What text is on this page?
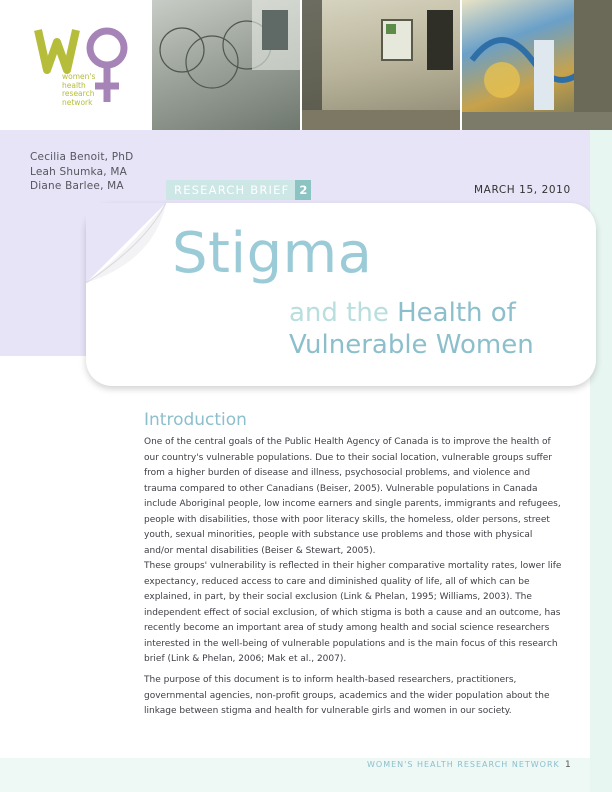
women's
health
research
network
Cecilia Benoit, PhD
Leah Shumka, MA
Diane Barlee, MA	RESEARCH BRIEF 2	MARCH 15, 2010
Stigma
and the Health of
Vulnerable Women
Introduction
One of the central goals of the Public Health Agency of Canada is to improve the health of our country's vulnerable populations. Due to their social location, vulnerable groups suffer from a higher burden of disease and illness, psychosocial problems, and violence and trauma compared to other Canadians (Beiser, 2005). Vulnerable populations in Canada include Aboriginal people, low income earners and single parents, immigrants and refugees, people with disabilities, those with poor literacy skills, the homeless, older persons, street youth, sexual minorities, people with substance use problems and those with physical and/or mental disabilities (Beiser & Stewart, 2005).
These groups' vulnerability is reflected in their higher comparative mortality rates, lower life expectancy, reduced access to care and diminished quality of life, all of which can be explained, in part, by their social exclusion (Link & Phelan, 1995; Williams, 2003). The independent effect of social exclusion, of which stigma is both a cause and an outcome, has recently become an important area of study among health and social science researchers interested in the well-being of vulnerable populations and is the main focus of this research brief (Link & Phelan, 2006; Mak et al., 2007).
The purpose of this document is to inform health-based researchers, practitioners, governmental agencies, non-profit groups, academics and the wider population about the linkage between stigma and health for vulnerable girls and women in our society.
WOMEN'S HEALTH RESEARCH NETWORK 1
